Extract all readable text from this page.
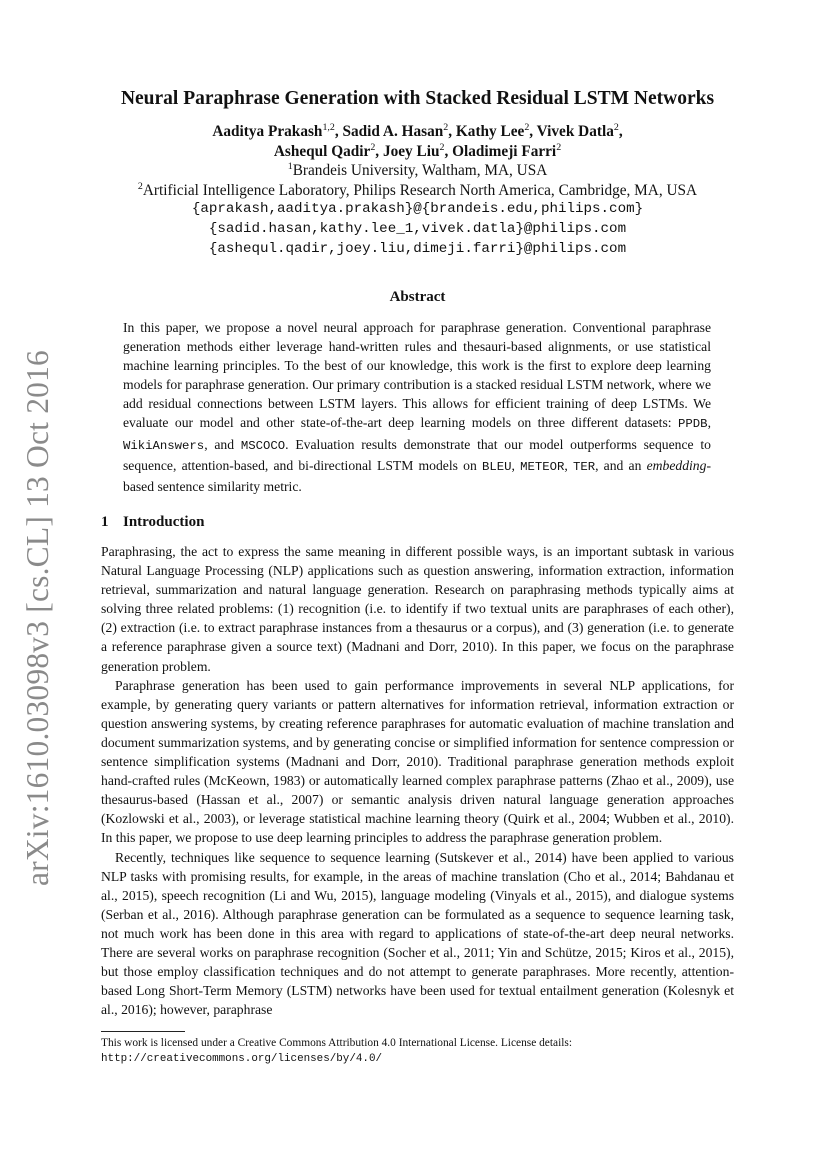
arXiv:1610.03098v3 [cs.CL] 13 Oct 2016
Neural Paraphrase Generation with Stacked Residual LSTM Networks
Aaditya Prakash$^{1,2}$, Sadid A. Hasan$^2$, Kathy Lee$^2$, Vivek Datla$^2$,
Ashequl Qadir$^2$, Joey Liu$^2$, Oladimeji Farri$^2$
$^1$Brandeis University, Waltham, MA, USA
$^2$Artificial Intelligence Laboratory, Philips Research North America, Cambridge, MA, USA
{aprakash,aaditya.prakash}@{brandeis.edu,philips.com}
{sadid.hasan,kathy.lee_1,vivek.datla}@philips.com
{ashequl.qadir,joey.liu,dimeji.farri}@philips.com
Abstract
In this paper, we propose a novel neural approach for paraphrase generation. Conventional paraphrase generation methods either leverage hand-written rules and thesauri-based alignments, or use statistical machine learning principles. To the best of our knowledge, this work is the first to explore deep learning models for paraphrase generation. Our primary contribution is a stacked residual LSTM network, where we add residual connections between LSTM layers. This allows for efficient training of deep LSTMs. We evaluate our model and other state-of-the-art deep learning models on three different datasets: PPDB, WikiAnswers, and MSCOCO. Evaluation results demonstrate that our model outperforms sequence to sequence, attention-based, and bi-directional LSTM models on BLEU, METEOR, TER, and an embedding-based sentence similarity metric.
1 Introduction

Paraphrasing, the act to express the same meaning in different possible ways, is an important subtask in various Natural Language Processing (NLP) applications such as question answering, information extraction, information retrieval, summarization and natural language generation. Research on paraphrasing methods typically aims at solving three related problems: (1) recognition (i.e. to identify if two textual units are paraphrases of each other), (2) extraction (i.e. to extract paraphrase instances from a thesaurus or a corpus), and (3) generation (i.e. to generate a reference paraphrase given a source text) (Madnani and Dorr, 2010). In this paper, we focus on the paraphrase generation problem.

Paraphrase generation has been used to gain performance improvements in several NLP applications, for example, by generating query variants or pattern alternatives for information retrieval, information extraction or question answering systems, by creating reference paraphrases for automatic evaluation of machine translation and document summarization systems, and by generating concise or simplified information for sentence compression or sentence simplification systems (Madnani and Dorr, 2010). Traditional paraphrase generation methods exploit hand-crafted rules (McKeown, 1983) or automatically learned complex paraphrase patterns (Zhao et al., 2009), use thesaurus-based (Hassan et al., 2007) or semantic analysis driven natural language generation approaches (Kozlowski et al., 2003), or leverage statistical machine learning theory (Quirk et al., 2004; Wubben et al., 2010). In this paper, we propose to use deep learning principles to address the paraphrase generation problem.

Recently, techniques like sequence to sequence learning (Sutskever et al., 2014) have been applied to various NLP tasks with promising results, for example, in the areas of machine translation (Cho et al., 2014; Bahdanau et al., 2015), speech recognition (Li and Wu, 2015), language modeling (Vinyals et al., 2015), and dialogue systems (Serban et al., 2016). Although paraphrase generation can be formulated as a sequence to sequence learning task, not much work has been done in this area with regard to applications of state-of-the-art deep neural networks. There are several works on paraphrase recognition (Socher et al., 2011; Yin and Schütze, 2015; Kiros et al., 2015), but those employ classification techniques and do not attempt to generate paraphrases. More recently, attention-based Long Short-Term Memory (LSTM) networks have been used for textual entailment generation (Kolesnyk et al., 2016); however, paraphrase

This work is licensed under a Creative Commons Attribution 4.0 International License. License details:
http://creativecommons.org/licenses/by/4.0/
